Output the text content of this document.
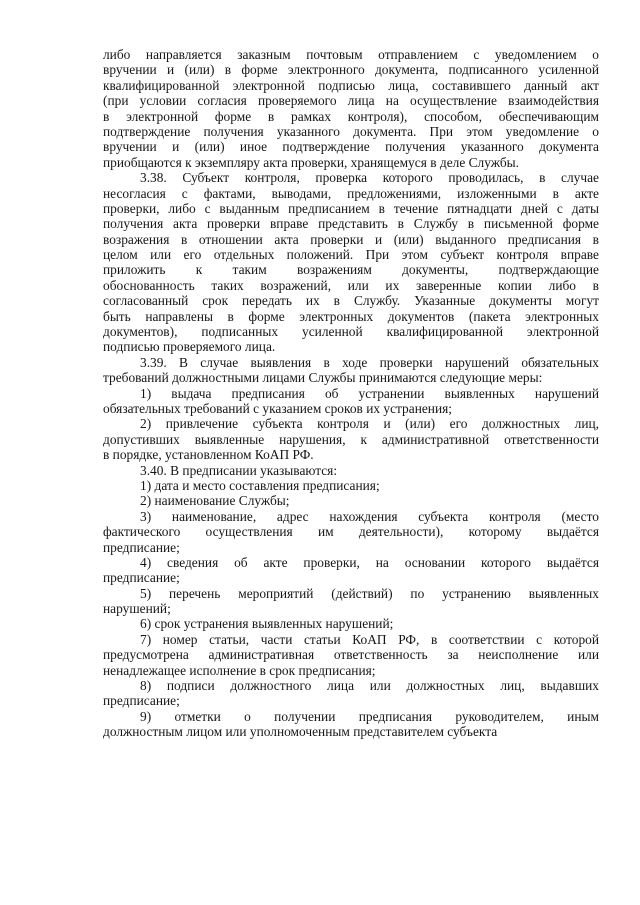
либо направляется заказным почтовым отправлением с уведомлением о
вручении и (или) в форме электронного документа, подписанного усиленной
квалифицированной электронной подписью лица, составившего данный акт
(при условии согласия проверяемого лица на осуществление взаимодействия
в электронной форме в рамках контроля), способом, обеспечивающим
подтверждение получения указанного документа. При этом уведомление о
вручении и (или) иное подтверждение получения указанного документа
приобщаются к экземпляру акта проверки, хранящемуся в деле Службы.
3.38. Субъект контроля, проверка которого проводилась, в случае
несогласия с фактами, выводами, предложениями, изложенными в акте
проверки, либо с выданным предписанием в течение пятнадцати дней с даты
получения акта проверки вправе представить в Службу в письменной форме
возражения в отношении акта проверки и (или) выданного предписания в
целом или его отдельных положений. При этом субъект контроля вправе
приложить к таким возражениям документы, подтверждающие
обоснованность таких возражений, или их заверенные копии либо в
согласованный срок передать их в Службу. Указанные документы могут
быть направлены в форме электронных документов (пакета электронных
документов), подписанных усиленной квалифицированной электронной
подписью проверяемого лица.
3.39. В случае выявления в ходе проверки нарушений обязательных
требований должностными лицами Службы принимаются следующие меры:
1) выдача предписания об устранении выявленных нарушений
обязательных требований с указанием сроков их устранения;
2) привлечение субъекта контроля и (или) его должностных лиц,
допустивших выявленные нарушения, к административной ответственности
в порядке, установленном КоАП РФ.
3.40. В предписании указываются:
1) дата и место составления предписания;
2) наименование Службы;
3) наименование, адрес нахождения субъекта контроля (место
фактического осуществления им деятельности), которому выдаётся
предписание;
4) сведения об акте проверки, на основании которого выдаётся
предписание;
5) перечень мероприятий (действий) по устранению выявленных
нарушений;
6) срок устранения выявленных нарушений;
7) номер статьи, части статьи КоАП РФ, в соответствии с которой
предусмотрена административная ответственность за неисполнение или
ненадлежащее исполнение в срок предписания;
8) подписи должностного лица или должностных лиц, выдавших
предписание;
9) отметки о получении предписания руководителем, иным
должностным лицом или уполномоченным представителем субъекта
